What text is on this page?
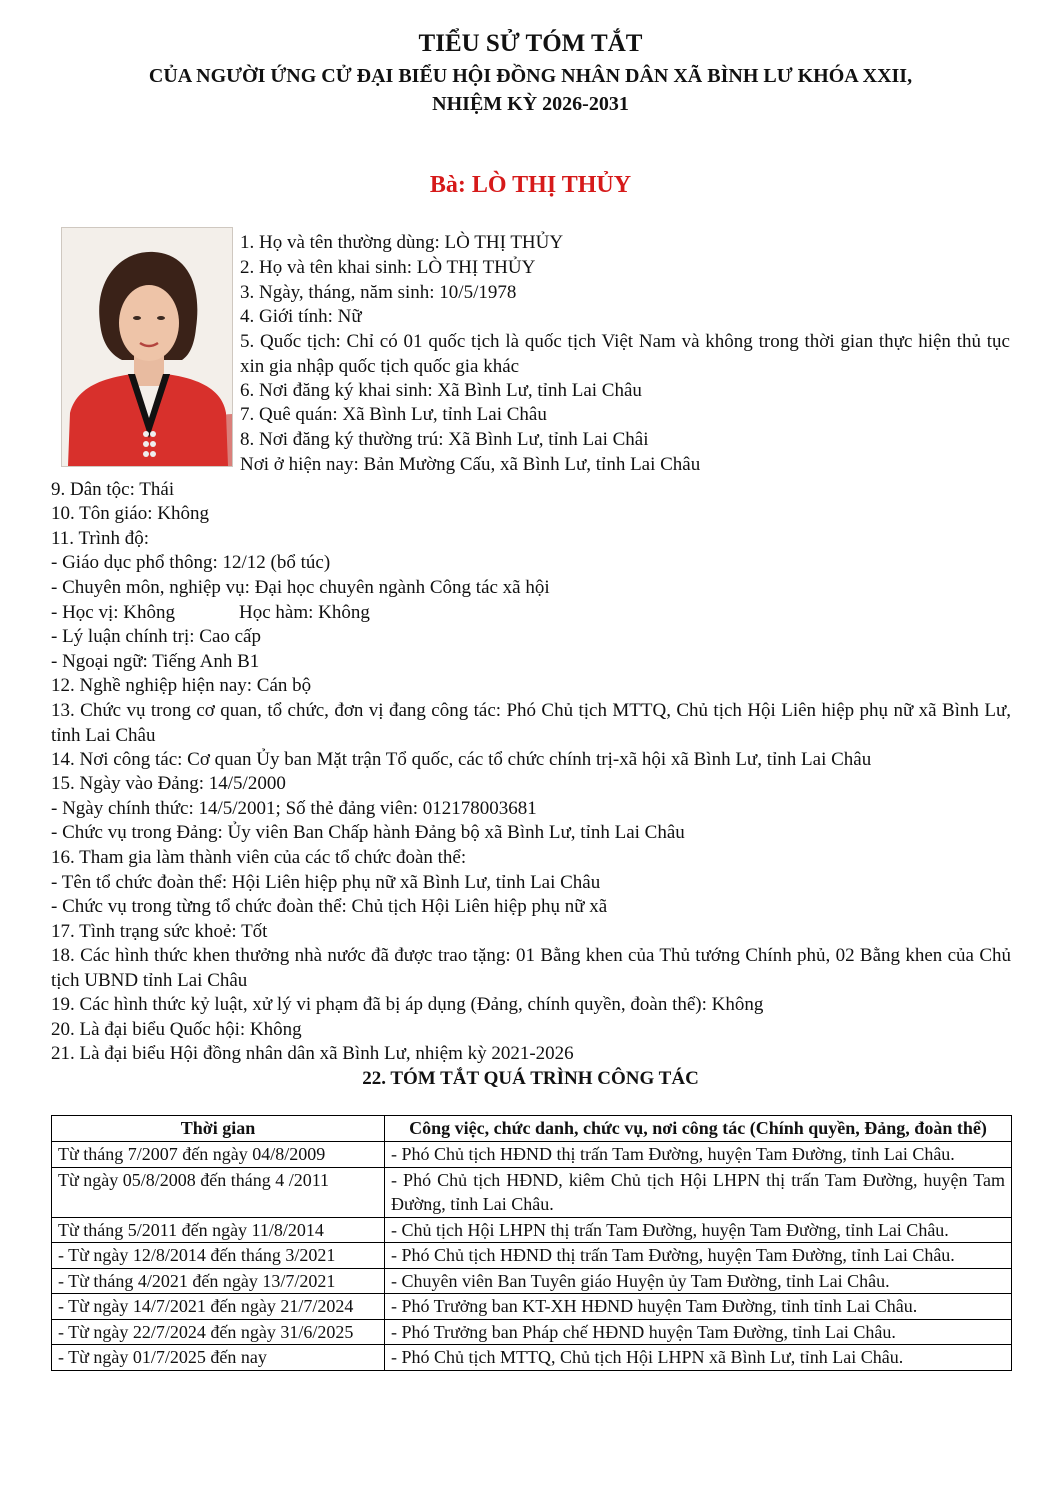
TIỂU SỬ TÓM TẮT
CỦA NGƯỜI ỨNG CỬ ĐẠI BIỂU HỘI ĐỒNG NHÂN DÂN XÃ BÌNH LƯ KHÓA XXII,
NHIỆM KỲ 2026-2031
Bà: LÒ THỊ THỦY
1. Họ và tên thường dùng: LÒ THỊ THỦY
2. Họ và tên khai sinh: LÒ THỊ THỦY
3. Ngày, tháng, năm sinh: 10/5/1978
4. Giới tính: Nữ
5. Quốc tịch: Chỉ có 01 quốc tịch là quốc tịch Việt Nam và không trong thời gian thực hiện thủ tục xin gia nhập quốc tịch quốc gia khác
6. Nơi đăng ký khai sinh: Xã Bình Lư, tỉnh Lai Châu
7. Quê quán: Xã Bình Lư, tỉnh Lai Châu
8. Nơi đăng ký thường trú: Xã Bình Lư, tỉnh Lai Châi
Nơi ở hiện nay: Bản Mường Cấu, xã Bình Lư, tỉnh Lai Châu
9. Dân tộc: Thái
10. Tôn giáo: Không
11. Trình độ:
- Giáo dục phổ thông: 12/12 (bổ túc)
- Chuyên môn, nghiệp vụ: Đại học chuyên ngành Công tác xã hội
- Học vị: Không	Học hàm: Không
- Lý luận chính trị: Cao cấp
- Ngoại ngữ: Tiếng Anh B1
12. Nghề nghiệp hiện nay: Cán bộ
13. Chức vụ trong cơ quan, tổ chức, đơn vị đang công tác: Phó Chủ tịch MTTQ, Chủ tịch Hội Liên hiệp phụ nữ xã Bình Lư, tỉnh Lai Châu
14. Nơi công tác: Cơ quan Ủy ban Mặt trận Tổ quốc, các tổ chức chính trị-xã hội xã Bình Lư, tỉnh Lai Châu
15. Ngày vào Đảng: 14/5/2000
- Ngày chính thức: 14/5/2001; Số thẻ đảng viên: 012178003681
- Chức vụ trong Đảng: Ủy viên Ban Chấp hành Đảng bộ xã Bình Lư, tỉnh Lai Châu
16. Tham gia làm thành viên của các tổ chức đoàn thể:
- Tên tổ chức đoàn thể: Hội Liên hiệp phụ nữ xã Bình Lư, tỉnh Lai Châu
- Chức vụ trong từng tổ chức đoàn thể: Chủ tịch Hội Liên hiệp phụ nữ xã
17. Tình trạng sức khoẻ: Tốt
18. Các hình thức khen thưởng nhà nước đã được trao tặng: 01 Bằng khen của Thủ tướng Chính phủ, 02 Bằng khen của Chủ tịch UBND tỉnh Lai Châu
19. Các hình thức kỷ luật, xử lý vi phạm đã bị áp dụng (Đảng, chính quyền, đoàn thể): Không
20. Là đại biểu Quốc hội: Không
21. Là đại biểu Hội đồng nhân dân xã Bình Lư, nhiệm kỳ 2021-2026
22. TÓM TẮT QUÁ TRÌNH CÔNG TÁC
Thời gian	Công việc, chức danh, chức vụ, nơi công tác (Chính quyền, Đảng, đoàn thể)
Từ tháng 7/2007 đến ngày 04/8/2009	- Phó Chủ tịch HĐND thị trấn Tam Đường, huyện Tam Đường, tỉnh Lai Châu.
Từ ngày 05/8/2008 đến tháng 4 /2011	- Phó Chủ tịch HĐND, kiêm Chủ tịch Hội LHPN thị trấn Tam Đường, huyện Tam Đường, tỉnh Lai Châu.
Từ tháng 5/2011 đến ngày 11/8/2014	- Chủ tịch Hội LHPN thị trấn Tam Đường, huyện Tam Đường, tỉnh Lai Châu.
- Từ ngày 12/8/2014 đến tháng 3/2021	- Phó Chủ tịch HĐND thị trấn Tam Đường, huyện Tam Đường, tỉnh Lai Châu.
- Từ tháng 4/2021 đến ngày 13/7/2021	- Chuyên viên Ban Tuyên giáo Huyện ủy Tam Đường, tỉnh Lai Châu.
- Từ ngày 14/7/2021 đến ngày 21/7/2024	- Phó Trưởng ban KT-XH HĐND huyện Tam Đường, tỉnh tỉnh Lai Châu.
- Từ ngày 22/7/2024 đến ngày 31/6/2025	- Phó Trưởng ban Pháp chế HĐND huyện Tam Đường, tỉnh Lai Châu.
- Từ ngày 01/7/2025 đến nay	- Phó Chủ tịch MTTQ, Chủ tịch Hội LHPN xã Bình Lư, tỉnh Lai Châu.
